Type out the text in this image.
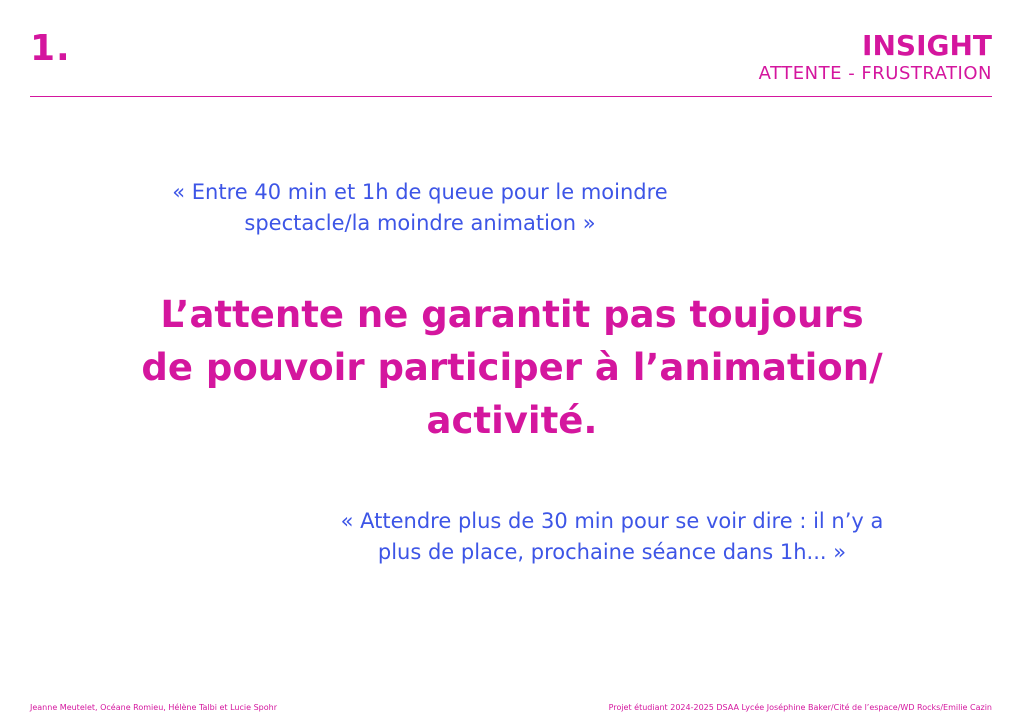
1.	INSIGHT
ATTENTE - FRUSTRATION
« Entre 40 min et 1h de queue pour le moindre
spectacle/la moindre animation »
L’attente ne garantit pas toujours
de pouvoir participer à l’animation/
activité.
« Attendre plus de 30 min pour se voir dire : il n’y a
plus de place, prochaine séance dans 1h... »
Jeanne Meutelet, Océane Romieu, Hélène Talbi et Lucie Spohr	Projet étudiant 2024-2025 DSAA Lycée Joséphine Baker/Cité de l’espace/WD Rocks/Emilie Cazin
